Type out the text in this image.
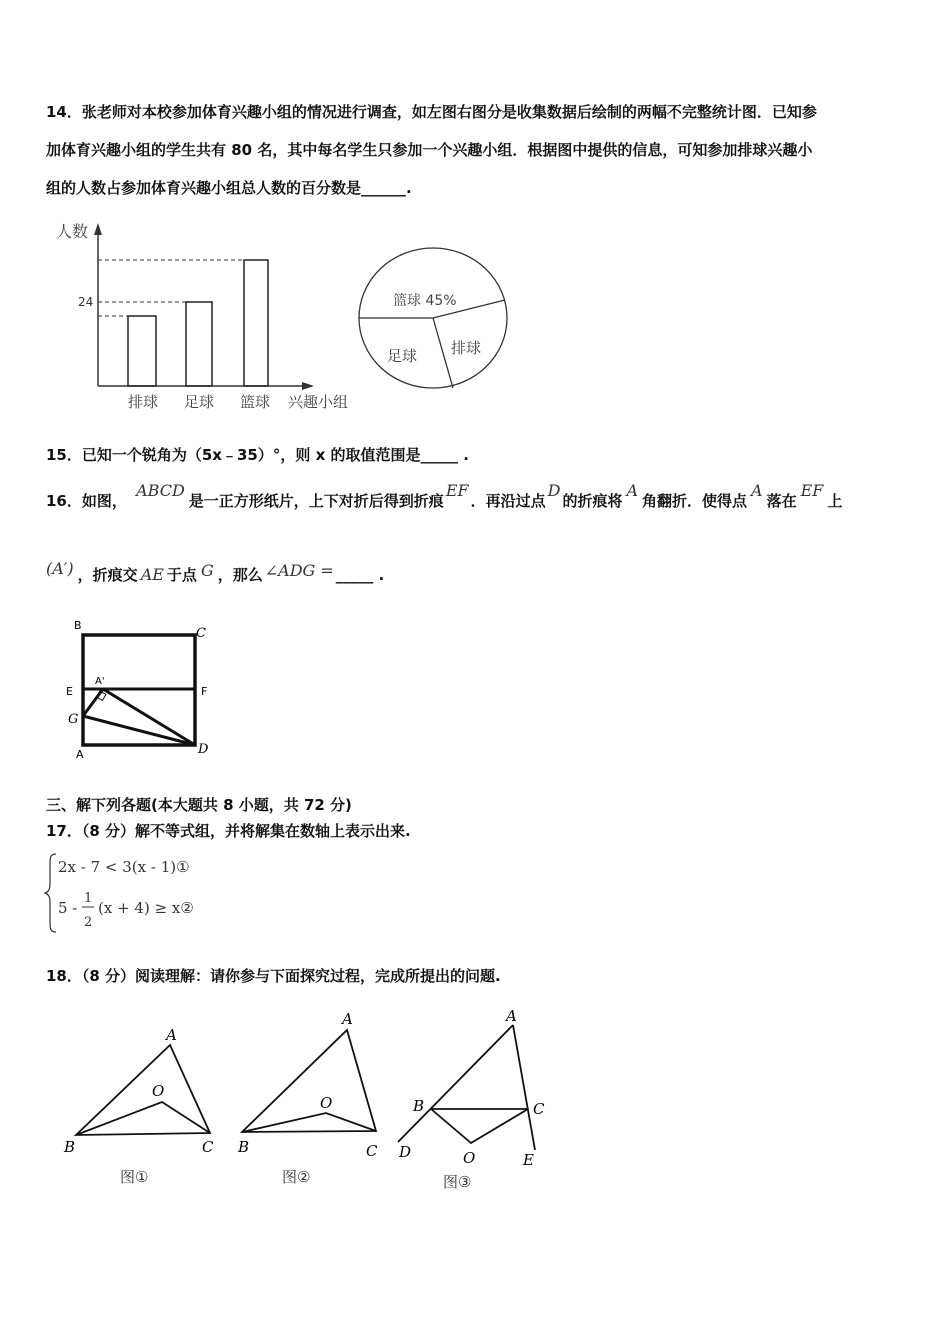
14．张老师对本校参加体育兴趣小组的情况进行调查，如左图右图分是收集数据后绘制的两幅不完整统计图．已知参
加体育兴趣小组的学生共有 80 名，其中每名学生只参加一个兴趣小组．根据图中提供的信息，可知参加排球兴趣小
组的人数占参加体育兴趣小组总人数的百分数是______.
人数
兴趣小组
24
排球 足球 篮球
篮球 45%
足球 排球
15．已知一个锐角为（5x﹣35）°，则 x 的取值范围是_____ .
16．如图， ABCD是一正方形纸片，上下对折后得到折痕EF．再沿过点D的折痕将A角翻折．使得点A落在EF上
(A′) ，折痕交 AE 于点 G ，那么 ∠ADG = _____ .
B
C
E	F
A'
G
A	D
三、解下列各题(本大题共 8 小题，共 72 分)
17．（8 分）解不等式组，并将解集在数轴上表示出来.
2x - 7 < 3(x - 1)①
5 -
1
2
(x + 4) ≥ x②
18．（8 分）阅读理解：请你参与下面探究过程，完成所提出的问题.
A
O
B	C
图①
A
O
B	C
图②
A
B	C
D	O	E
图③
